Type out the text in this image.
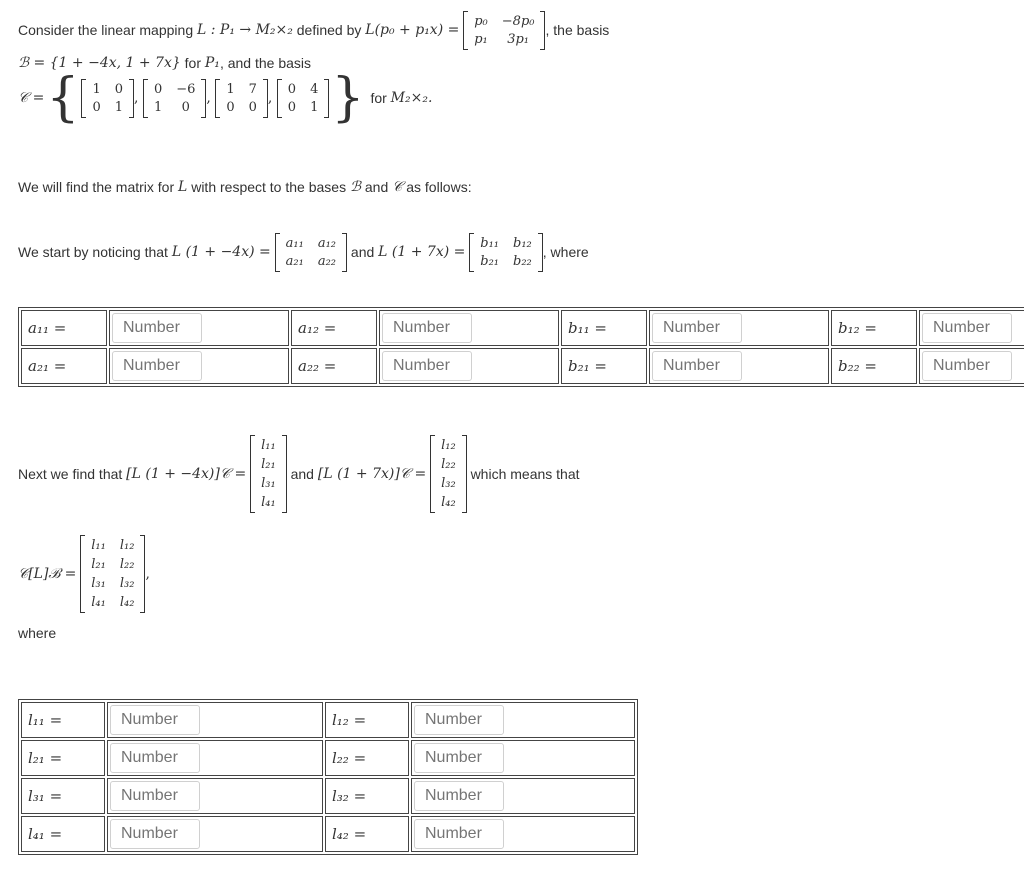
Consider the linear mapping
L : P₁ → M₂×₂
defined by
L(p₀ + p₁x) =

p₀ −8p₀
p₁	3p₁
, the basis
ℬ = {1 + −4x, 1 + 7x}
for
P₁ , and the basis
𝒞 = { 1 0
0 1
,
0 −6
1	0
,
1 7
0 0
,
0 4
0 1 } for
M₂×₂.
We will find the matrix for
L
with respect to the bases
ℬ
and
𝒞
as follows:
We start by noticing that
L (1 + −4x) =

a₁₁ a₁₂
a₂₁ a₂₂

and
L (1 + 7x) =

b₁₁ b₁₂
b₂₁ b₂₂
, where
a₁₁ =	
Number	a₁₂ =	
Number	b₁₁ =	
Number	b₁₂ =	
Number
a₂₁ =	
Number	a₂₂ =	
Number	b₂₁ =	
Number	b₂₂ =	
Number
Next we find that
[L (1 + −4x)]𝒞 =

l₁₁
l₂₁
l₃₁
l₄₁

and
[L (1 + 7x)]𝒞 =

l₁₂
l₂₂
l₃₂
l₄₂

which means that
𝒞[L]ℬ =

l₁₁ l₁₂
l₂₁ l₂₂
l₃₁ l₃₂
l₄₁ l₄₂
,
where
l₁₁ =	
Number	l₁₂ =	
Number
l₂₁ =	
Number	l₂₂ =	
Number
l₃₁ =	
Number	l₃₂ =	
Number
l₄₁ =	
Number	l₄₂ =	
Number
